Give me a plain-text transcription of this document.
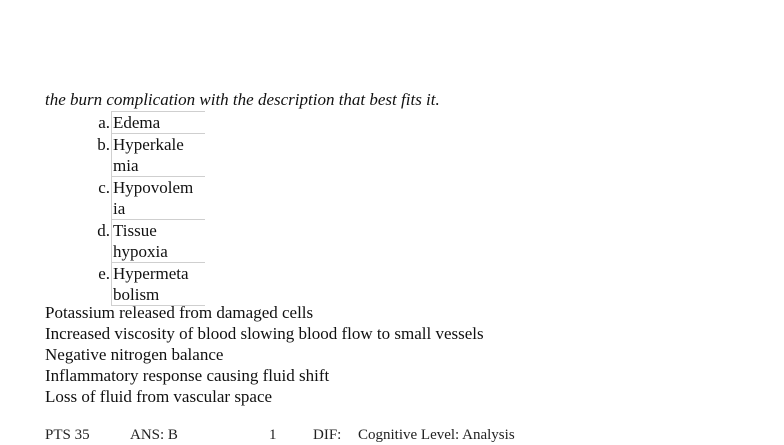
the burn complication with the description that best fits it.
a.	Edema

b.	Hyperkale
mia

c.	Hypovolem
ia

d.	Tissue
hypoxia

e.	Hypermeta
bolism
Potassium released from damaged cells
Increased viscosity of blood slowing blood flow to small vessels
Negative nitrogen balance
Inflammatory response causing fluid shift
Loss of fluid from vascular space
PTS 35	ANS: B	1 DIF: Cognitive Level: Analysis
